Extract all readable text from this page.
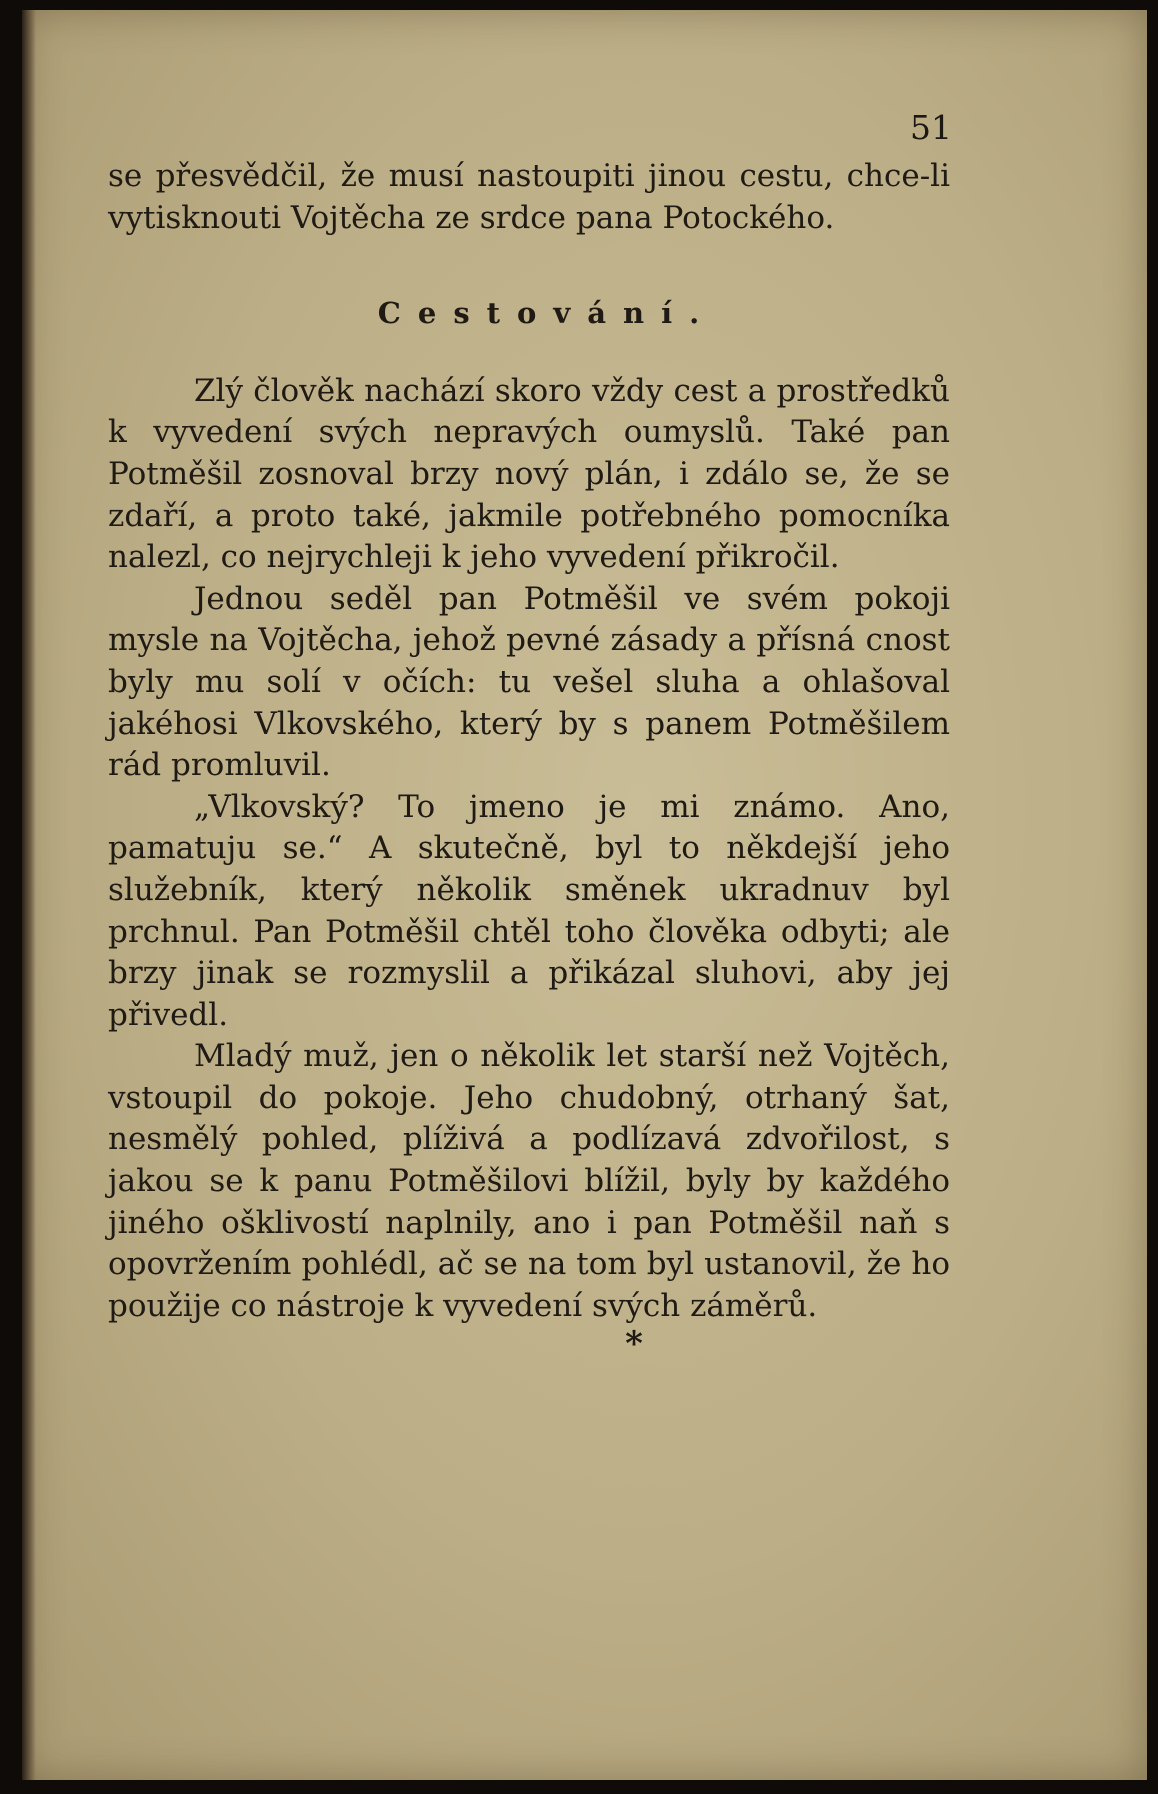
51

se přesvědčil, že musí nastoupiti jinou cestu, chce-li vytisknouti Vojtěcha ze srdce pana Potockého.

Cestování.

Zlý člověk nachází skoro vždy cest a prostředků k vyvedení svých nepravých oumyslů. Také pan Potměšil zosnoval brzy nový plán, i zdálo se, že se zdaří, a proto také, jakmile potřebného pomocníka nalezl, co nejrychleji k jeho vyvedení přikročil.

Jednou seděl pan Potměšil ve svém pokoji mysle na Vojtěcha, jehož pevné zásady a přísná cnost byly mu solí v očích: tu vešel sluha a ohlašoval jakéhosi Vlkovského, který by s panem Potměšilem rád promluvil.

„Vlkovský? To jmeno je mi známo. Ano, pamatuju se.“ A skutečně, byl to někdejší jeho služebník, který několik směnek ukradnuv byl prchnul. Pan Potměšil chtěl toho člověka odbyti; ale brzy jinak se rozmyslil a přikázal sluhovi, aby jej přivedl.

Mladý muž, jen o několik let starší než Vojtěch, vstoupil do pokoje. Jeho chudobný, otrhaný šat, nesmělý pohled, plíživá a podlízavá zdvořilost, s jakou se k panu Potměšilovi blížil, byly by každého jiného ošklivostí naplnily, ano i pan Potměšil naň s opovržením pohlédl, ač se na tom byl ustanovil, že ho použije co nástroje k vyvedení svých záměrů.

*
